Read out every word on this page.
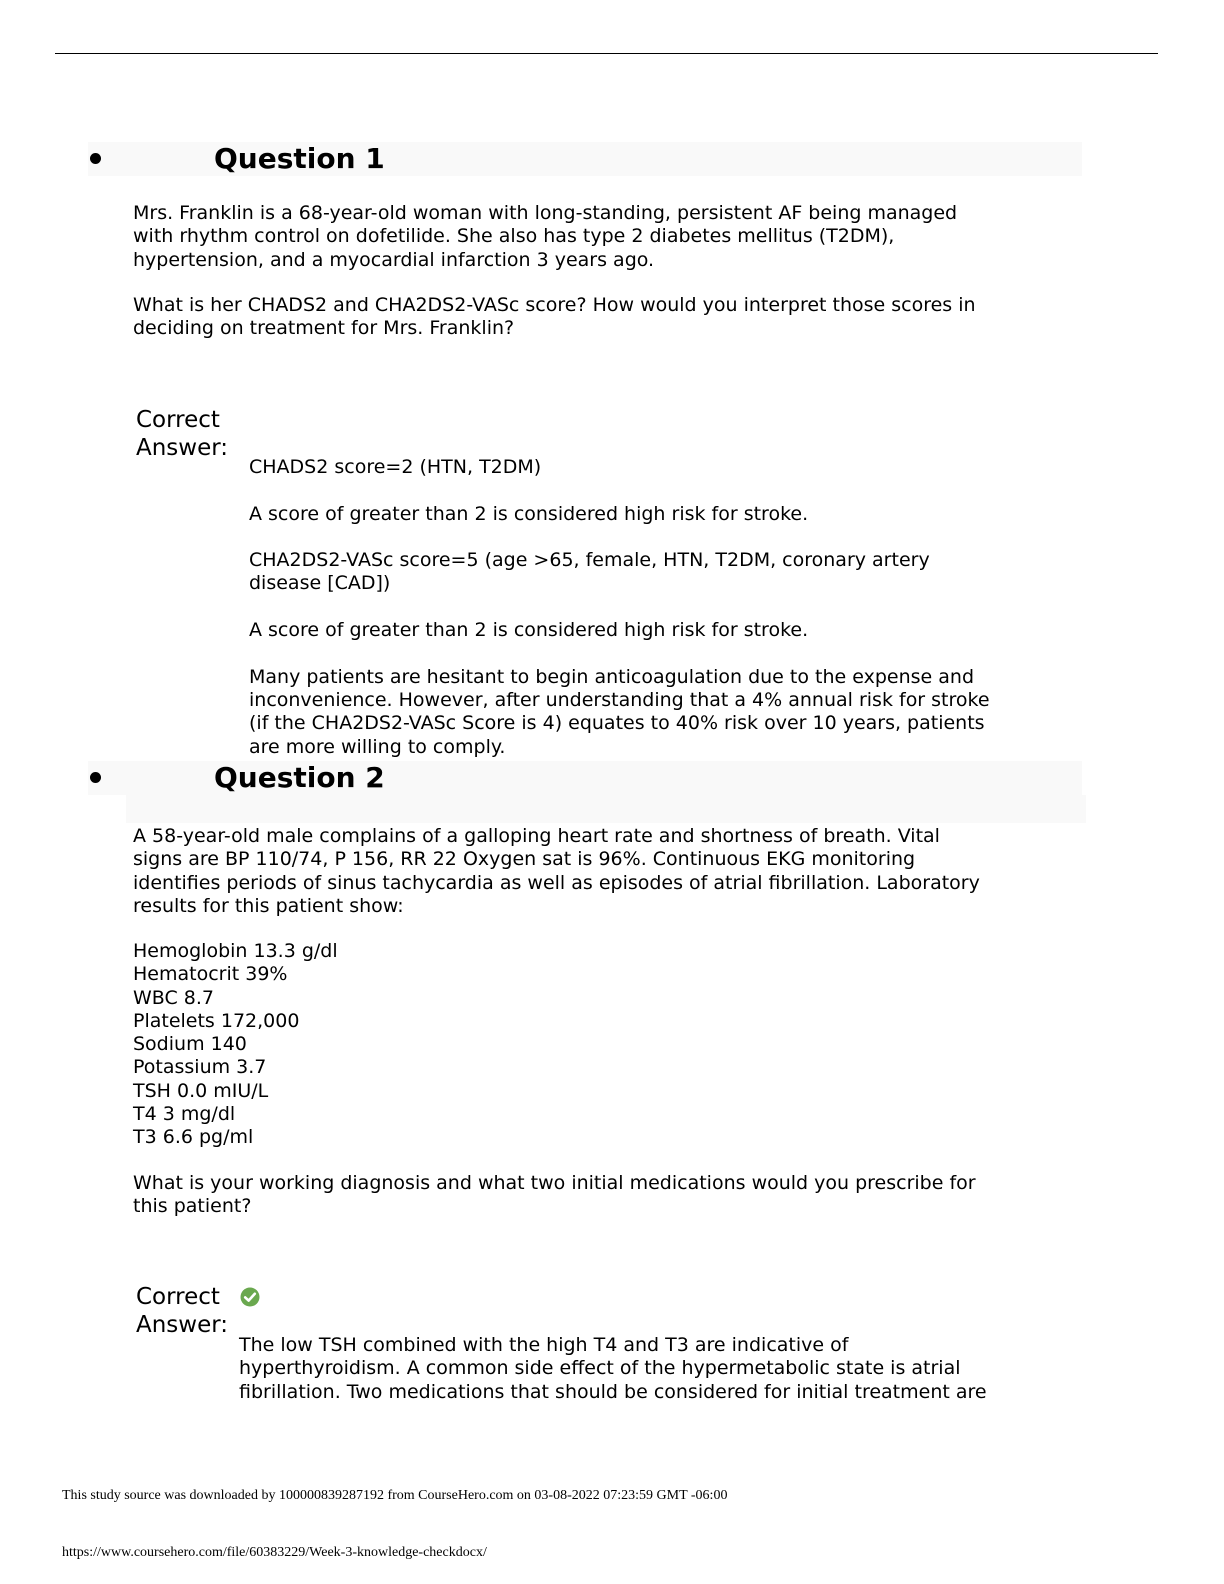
Question 1
Mrs. Franklin is a 68-year-old woman with long-standing, persistent AF being managed
with rhythm control on dofetilide. She also has type 2 diabetes mellitus (T2DM),
hypertension, and a myocardial infarction 3 years ago.
What is her CHADS2 and CHA2DS2-VASc score? How would you interpret those scores in
deciding on treatment for Mrs. Franklin?
Correct
Answer:
CHADS2 score=2 (HTN, T2DM)
A score of greater than 2 is considered high risk for stroke.
CHA2DS2-VASc score=5 (age >65, female, HTN, T2DM, coronary artery
disease [CAD])
A score of greater than 2 is considered high risk for stroke.
Many patients are hesitant to begin anticoagulation due to the expense and
inconvenience. However, after understanding that a 4% annual risk for stroke
(if the CHA2DS2-VASc Score is 4) equates to 40% risk over 10 years, patients
are more willing to comply.
Question 2
A 58-year-old male complains of a galloping heart rate and shortness of breath. Vital
signs are BP 110/74, P 156, RR 22 Oxygen sat is 96%. Continuous EKG monitoring
identifies periods of sinus tachycardia as well as episodes of atrial fibrillation. Laboratory
results for this patient show:
Hemoglobin 13.3 g/dl
Hematocrit 39%
WBC 8.7
Platelets 172,000
Sodium 140
Potassium 3.7
TSH 0.0 mIU/L
T4 3 mg/dl
T3 6.6 pg/ml
What is your working diagnosis and what two initial medications would you prescribe for
this patient?
Correct
Answer:
The low TSH combined with the high T4 and T3 are indicative of
hyperthyroidism. A common side effect of the hypermetabolic state is atrial
fibrillation. Two medications that should be considered for initial treatment are
This study source was downloaded by 100000839287192 from CourseHero.com on 03-08-2022 07:23:59 GMT -06:00
https://www.coursehero.com/file/60383229/Week-3-knowledge-checkdocx/
